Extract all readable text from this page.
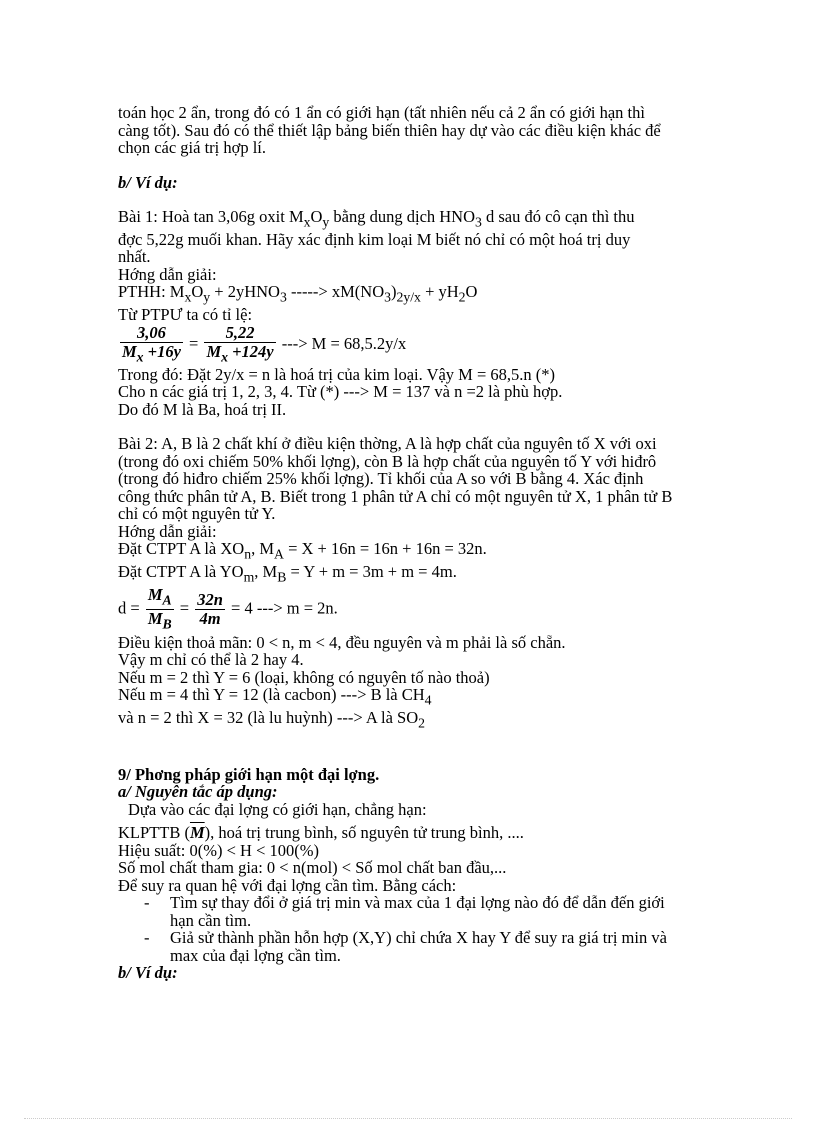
toán học 2 ẩn, trong đó có 1 ẩn có giới hạn (tất nhiên nếu cả 2 ẩn có giới hạn thì

càng tốt). Sau đó có thể thiết lập bảng biến thiên hay dự vào các điều kiện khác để

chọn các giá trị hợp lí.

b/ Ví dụ:

Bài 1: Hoà tan 3,06g oxit $M_xO_y$ bằng dung dịch $HNO_3$ d sau đó cô cạn thì thu

đợc 5,22g muối khan. Hãy xác định kim loại M biết nó chỉ có một hoá trị duy

nhất.

Hớng dẫn giải:

PTHH: $M_xO_y$ + 2yHNO$_3$ -----> $xM(NO_3)_{2y/x} + yH_2O$

Từ PTPƯ ta có tỉ lệ:

$\frac{3,06}{M_x +16y} = \frac{5,22}{M_x +124y}$ ---> M = 68,5.2y/x

Trong đó: Đặt 2y/x = n là hoá trị của kim loại. Vậy M = 68,5.n (*)

Cho n các giá trị 1, 2, 3, 4. Từ (*) ---> M = 137 và n =2 là phù hợp.

Do đó M là Ba, hoá trị II.

Bài 2: A, B là 2 chất khí ở điều kiện thờng, A là hợp chất của nguyên tố X với oxi

(trong đó oxi chiếm 50% khối lợng), còn B là hợp chất của nguyên tố Y với hiđrô

(trong đó hiđro chiếm 25% khối lợng). Tỉ khối của A so với B bằng 4. Xác định

công thức phân tử A, B. Biết trong 1 phân tử A chỉ có một nguyên tử X, 1 phân tử B

chỉ có một nguyên tử Y.

Hớng dẫn giải:

Đặt CTPT A là $XO_n$, $M_A = X + 16n = 16n + 16n = 32n$.

Đặt CTPT A là $YO_m$, $M_B = Y + m = 3m + m = 4m$.

$d = \frac{M_A}{M_B} = \frac{32n}{4m} = 4$ ---> m = 2n.

Điều kiện thoả mãn: 0 < n, m < 4, đều nguyên và m phải là số chẵn.

Vậy m chỉ có thể là 2 hay 4.

Nếu m = 2 thì Y = 6 (loại, không có nguyên tố nào thoả)

Nếu m = 4 thì Y = 12 (là cacbon) ---> B là $CH_4$

và n = 2 thì X = 32 (là lu huỳnh) ---> A là $SO_2$

9/ Phơng pháp giới hạn một đại lợng.

a/ Nguyên tắc áp dụng:

Dựa vào các đại lợng có giới hạn, chẳng hạn:

KLPTTB $(\overline{M})$, hoá trị trung bình, số nguyên tử trung bình, ....

Hiệu suất: 0(%) < H < 100(%)

Số mol chất tham gia: 0 < n(mol) < Số mol chất ban đầu,...

Để suy ra quan hệ với đại lợng cần tìm. Bằng cách:

- Tìm sự thay đổi ở giá trị min và max của 1 đại lợng nào đó để dẫn đến giới

hạn cần tìm.

- Giả sử thành phần hỗn hợp (X,Y) chỉ chứa X hay Y để suy ra giá trị min và

max của đại lợng cần tìm.

b/ Ví dụ:
